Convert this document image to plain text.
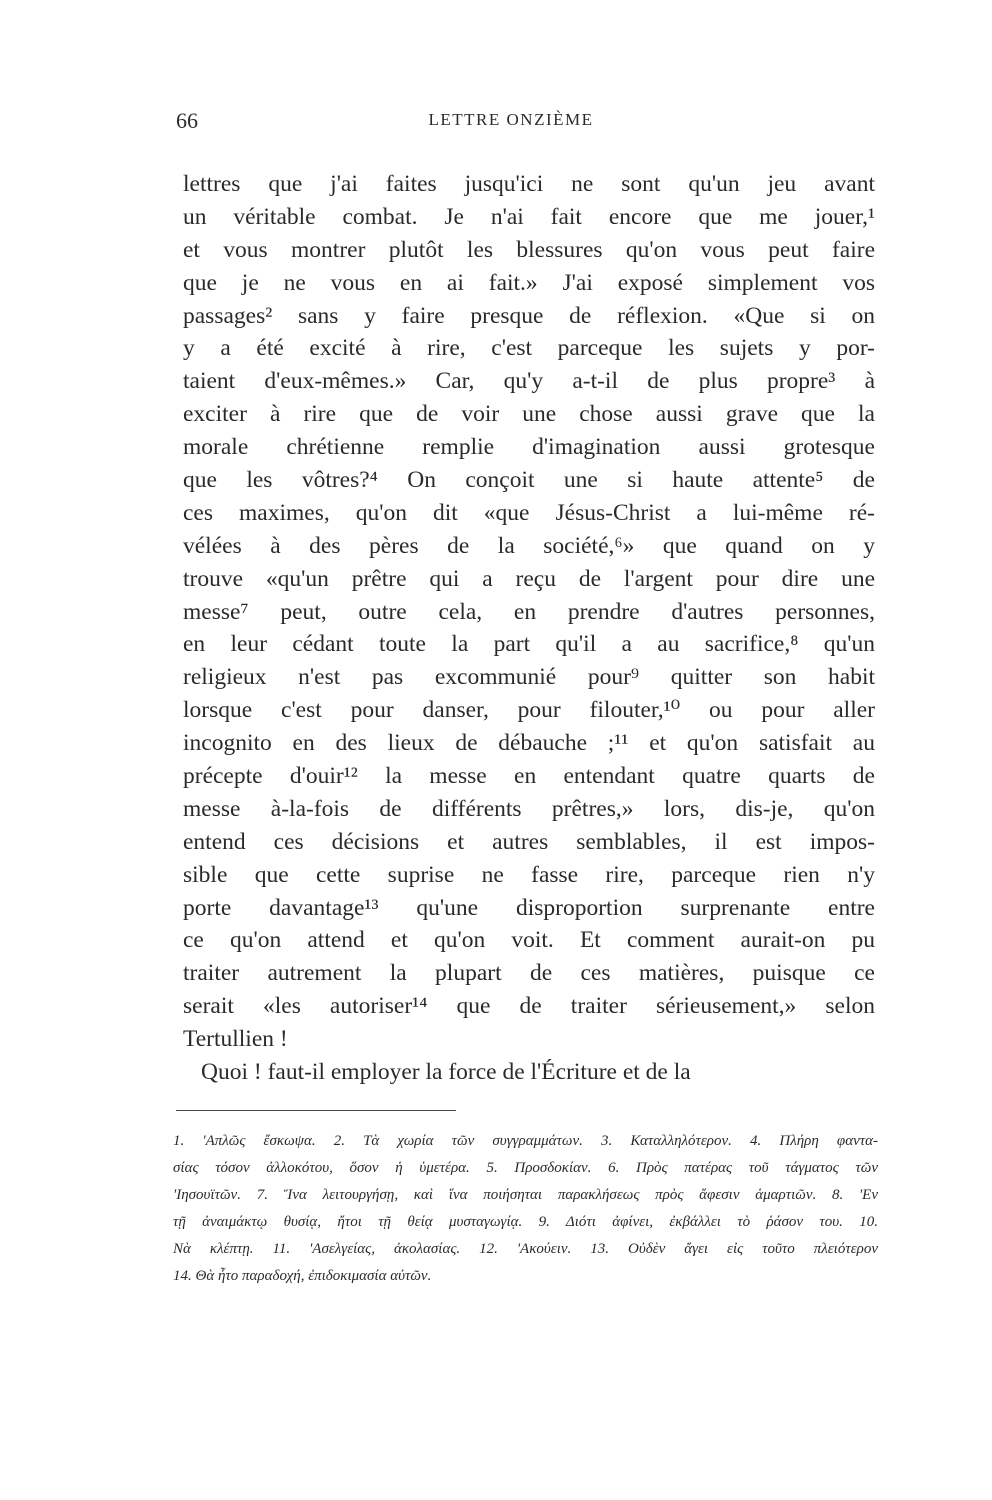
66	LETTRE ONZIÈME
lettres que j'ai faites jusqu'ici ne sont qu'un jeu avant
un véritable combat. Je n'ai fait encore que me jouer,¹
et vous montrer plutôt les blessures qu'on vous peut faire
que je ne vous en ai fait.» J'ai exposé simplement vos
passages² sans y faire presque de réflexion. «Que si on
y a été excité à rire, c'est parceque les sujets y por-
taient d'eux-mêmes.» Car, qu'y a-t-il de plus propre³ à
exciter à rire que de voir une chose aussi grave que la
morale chrétienne remplie d'imagination aussi grotesque
que les vôtres?⁴ On conçoit une si haute attente⁵ de
ces maximes, qu'on dit «que Jésus-Christ a lui-même ré-
vélées à des pères de la société,⁶» que quand on y
trouve «qu'un prêtre qui a reçu de l'argent pour dire une
messe⁷ peut, outre cela, en prendre d'autres personnes,
en leur cédant toute la part qu'il a au sacrifice,⁸ qu'un
religieux n'est pas excommunié pour⁹ quitter son habit
lorsque c'est pour danser, pour filouter,¹⁰ ou pour aller
incognito en des lieux de débauche ;¹¹ et qu'on satisfait au
précepte d'ouir¹² la messe en entendant quatre quarts de
messe à-la-fois de différents prêtres,» lors, dis-je, qu'on
entend ces décisions et autres semblables, il est impos-
sible que cette suprise ne fasse rire, parceque rien n'y
porte davantage¹³ qu'une disproportion surprenante entre
ce qu'on attend et qu'on voit. Et comment aurait-on pu
traiter autrement la plupart de ces matières, puisque ce
serait «les autoriser¹⁴ que de traiter sérieusement,» selon
Tertullien !
Quoi ! faut-il employer la force de l'Écriture et de la
1. 'Απλῶς ἔσκωψα. 2. Τὰ χωρία τῶν συγγραμμάτων. 3. Καταλληλότερον. 4. Πλήρη φαντα-
σίας τόσον ἀλλοκότου, ὅσον ἡ ὑμετέρα. 5. Προσδοκίαν. 6. Πρὸς πατέρας τοῦ τάγματος τῶν
'Ιησουϊτῶν. 7. Ἵνα λειτουργήσῃ, καὶ ἵνα ποιήσηται παρακλήσεως πρὸς ἄφεσιν ἁμαρτιῶν. 8. 'Εν
τῇ ἀναιμάκτῳ θυσίᾳ, ἤτοι τῇ θείᾳ μυσταγωγίᾳ. 9. Διότι ἀφίνει, ἐκβάλλει τὸ ῥάσον του. 10.
Νὰ κλέπτῃ. 11. 'Ασελγείας, ἀκολασίας. 12. 'Ακούειν. 13. Οὐδὲν ἄγει εἰς τοῦτο πλειότερον
14. Θὰ ἦτο παραδοχή, ἐπιδοκιμασία αὐτῶν.
